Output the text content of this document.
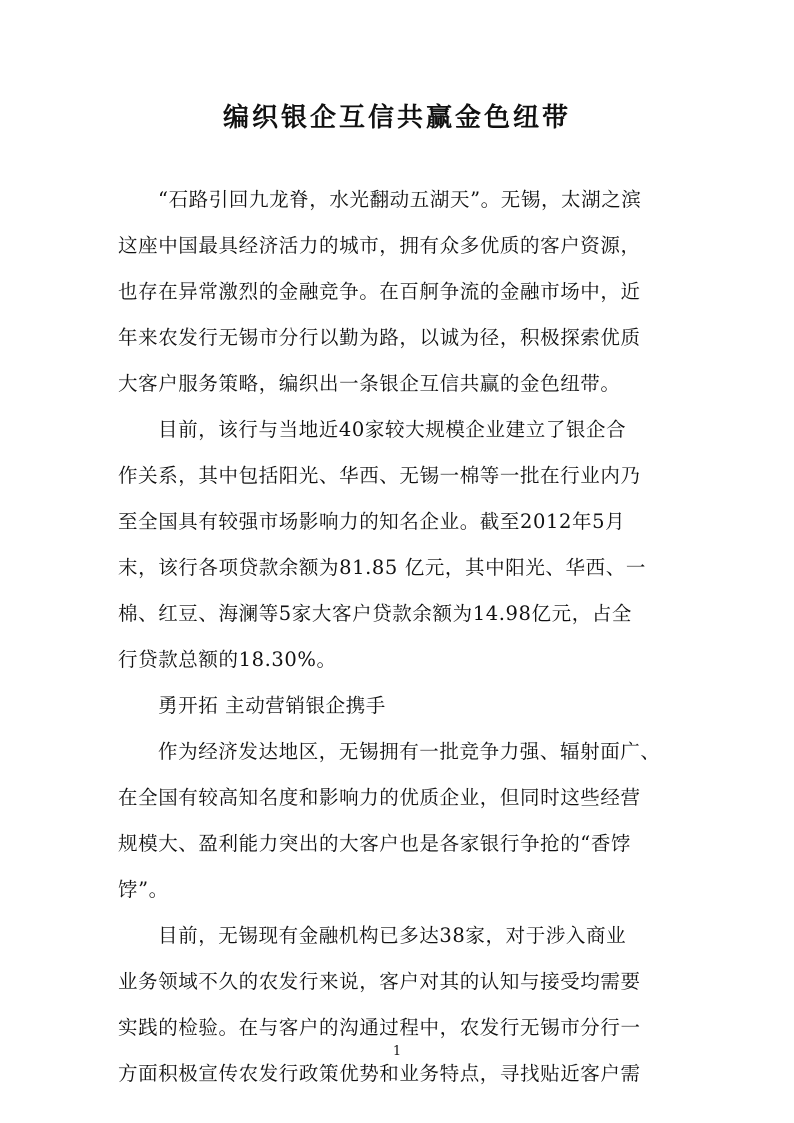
编织银企互信共赢金色纽带
“石路引回九龙脊，水光翻动五湖天”。无锡，太湖之滨
这座中国最具经济活力的城市，拥有众多优质的客户资源，
也存在异常激烈的金融竞争。在百舸争流的金融市场中，近
年来农发行无锡市分行以勤为路，以诚为径，积极探索优质
大客户服务策略，编织出一条银企互信共赢的金色纽带。
目前，该行与当地近40家较大规模企业建立了银企合
作关系，其中包括阳光、华西、无锡一棉等一批在行业内乃
至全国具有较强市场影响力的知名企业。截至2012年5月
末，该行各项贷款余额为81.85 亿元，其中阳光、华西、一
棉、红豆、海澜等5家大客户贷款余额为14.98亿元，占全
行贷款总额的18.30%。
勇开拓 主动营销银企携手
作为经济发达地区，无锡拥有一批竞争力强、辐射面广、
在全国有较高知名度和影响力的优质企业，但同时这些经营
规模大、盈利能力突出的大客户也是各家银行争抢的“香饽
饽”。
目前，无锡现有金融机构已多达38家，对于涉入商业
业务领域不久的农发行来说，客户对其的认知与接受均需要
实践的检验。在与客户的沟通过程中，农发行无锡市分行一
方面积极宣传农发行政策优势和业务特点，寻找贴近客户需
1
